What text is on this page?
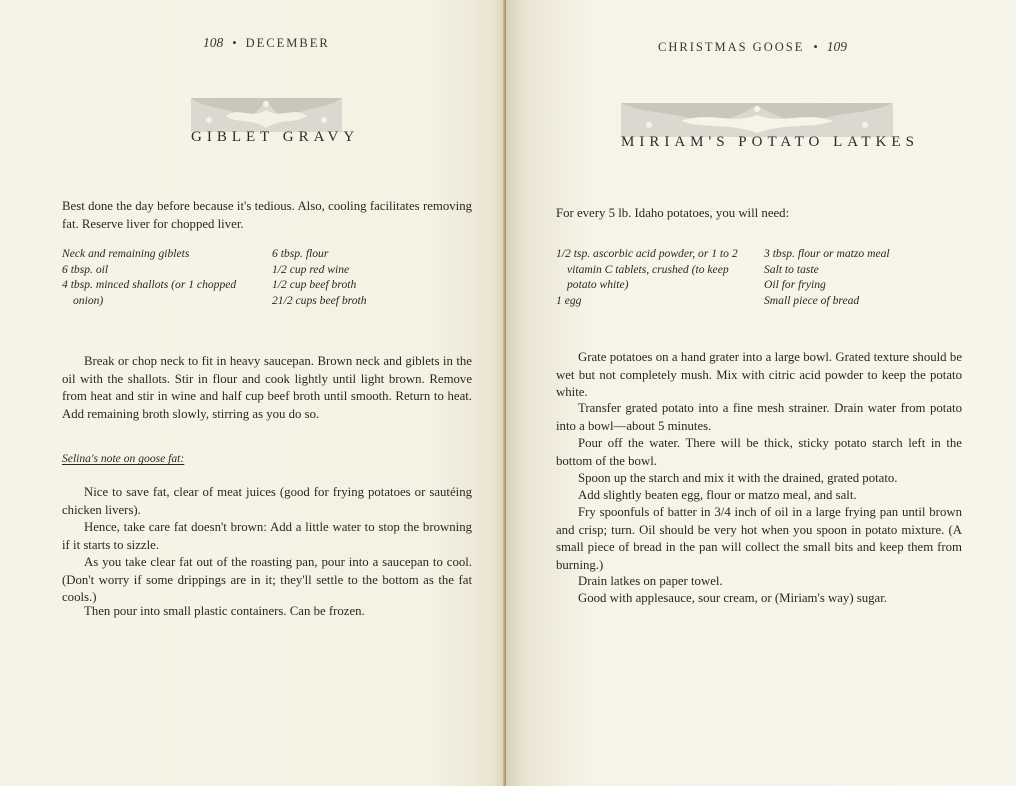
108 • DECEMBER
GIBLET GRAVY

Best done the day before because it's tedious. Also, cooling facilitates removing fat. Reserve liver for chopped liver.

Neck and remaining giblets
6 tbsp. oil
4 tbsp. minced shallots (or 1 chopped onion)
6 tbsp. flour
1/2 cup red wine
1/2 cup beef broth
21/2 cups beef broth

Break or chop neck to fit in heavy saucepan. Brown neck and giblets in the oil with the shallots. Stir in flour and cook lightly until light brown. Remove from heat and stir in wine and half cup beef broth until smooth. Return to heat. Add remaining broth slowly, stirring as you do so.

Selina's note on goose fat:

Nice to save fat, clear of meat juices (good for frying potatoes or sautéing chicken livers).

Hence, take care fat doesn't brown: Add a little water to stop the browning if it starts to sizzle.

As you take clear fat out of the roasting pan, pour into a saucepan to cool. (Don't worry if some drippings are in it; they'll settle to the bottom as the fat cools.)

Then pour into small plastic containers. Can be frozen.

CHRISTMAS GOOSE • 109
MIRIAM'S POTATO LATKES

For every 5 lb. Idaho potatoes, you will need:

1/2 tsp. ascorbic acid powder, or 1 to 2 vitamin C tablets, crushed (to keep potato white)
1 egg
3 tbsp. flour or matzo meal
Salt to taste
Oil for frying
Small piece of bread

Grate potatoes on a hand grater into a large bowl. Grated texture should be wet but not completely mush. Mix with citric acid powder to keep the potato white.

Transfer grated potato into a fine mesh strainer. Drain water from potato into a bowl—about 5 minutes.

Pour off the water. There will be thick, sticky potato starch left in the bottom of the bowl.

Spoon up the starch and mix it with the drained, grated potato.

Add slightly beaten egg, flour or matzo meal, and salt.

Fry spoonfuls of batter in 3/4 inch of oil in a large frying pan until brown and crisp; turn. Oil should be very hot when you spoon in potato mixture. (A small piece of bread in the pan will collect the small bits and keep them from burning.)

Drain latkes on paper towel.

Good with applesauce, sour cream, or (Miriam's way) sugar.
